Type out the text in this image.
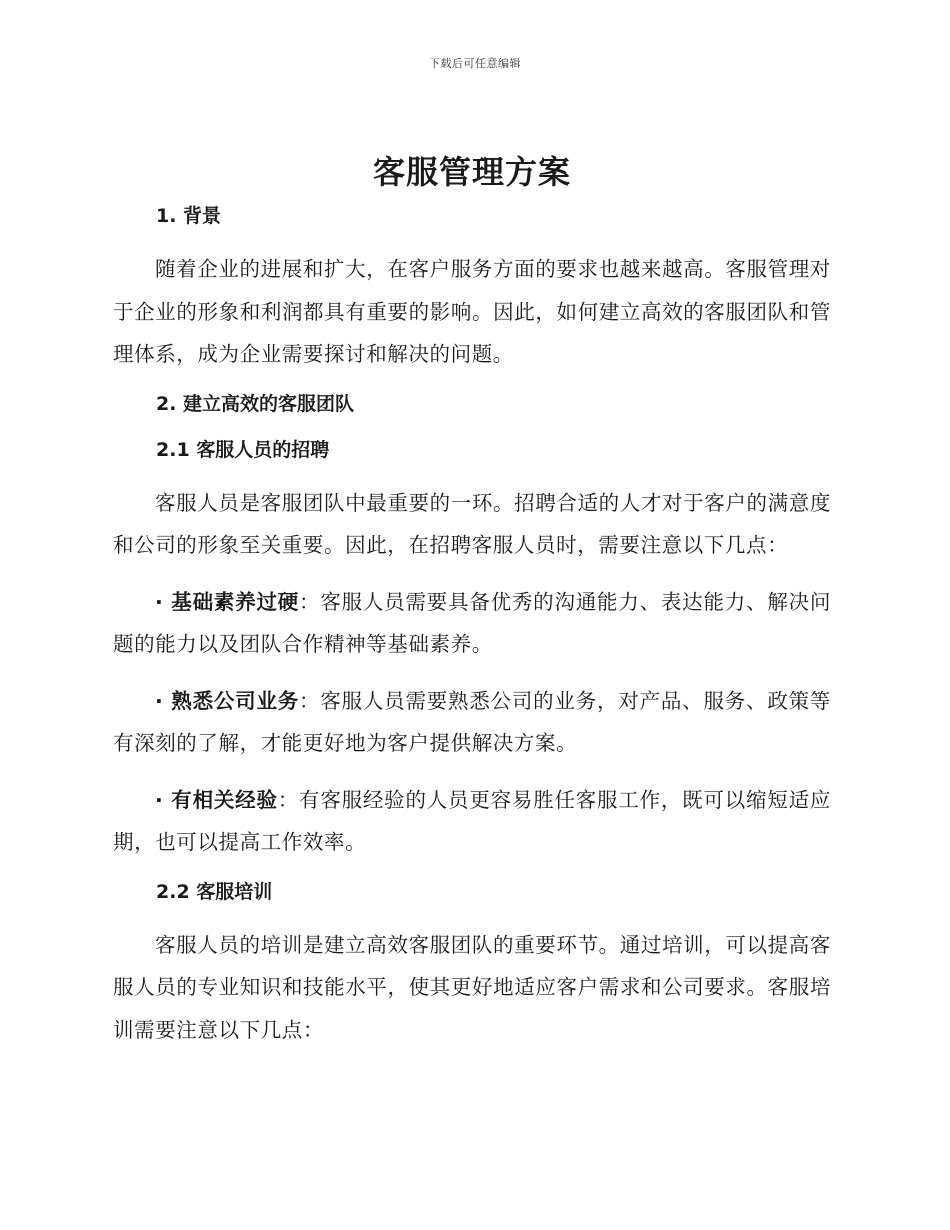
下载后可任意编辑
客服管理方案

1. 背景

随着企业的进展和扩大，在客户服务方面的要求也越来越高。客服管理对于企业的形象和利润都具有重要的影响。因此，如何建立高效的客服团队和管理体系，成为企业需要探讨和解决的问题。

2. 建立高效的客服团队

2.1 客服人员的招聘

客服人员是客服团队中最重要的一环。招聘合适的人才对于客户的满意度和公司的形象至关重要。因此，在招聘客服人员时，需要注意以下几点：

· 基础素养过硬：客服人员需要具备优秀的沟通能力、表达能力、解决问题的能力以及团队合作精神等基础素养。

· 熟悉公司业务：客服人员需要熟悉公司的业务，对产品、服务、政策等有深刻的了解，才能更好地为客户提供解决方案。

· 有相关经验：有客服经验的人员更容易胜任客服工作，既可以缩短适应期，也可以提高工作效率。

2.2 客服培训

客服人员的培训是建立高效客服团队的重要环节。通过培训，可以提高客服人员的专业知识和技能水平，使其更好地适应客户需求和公司要求。客服培训需要注意以下几点：
